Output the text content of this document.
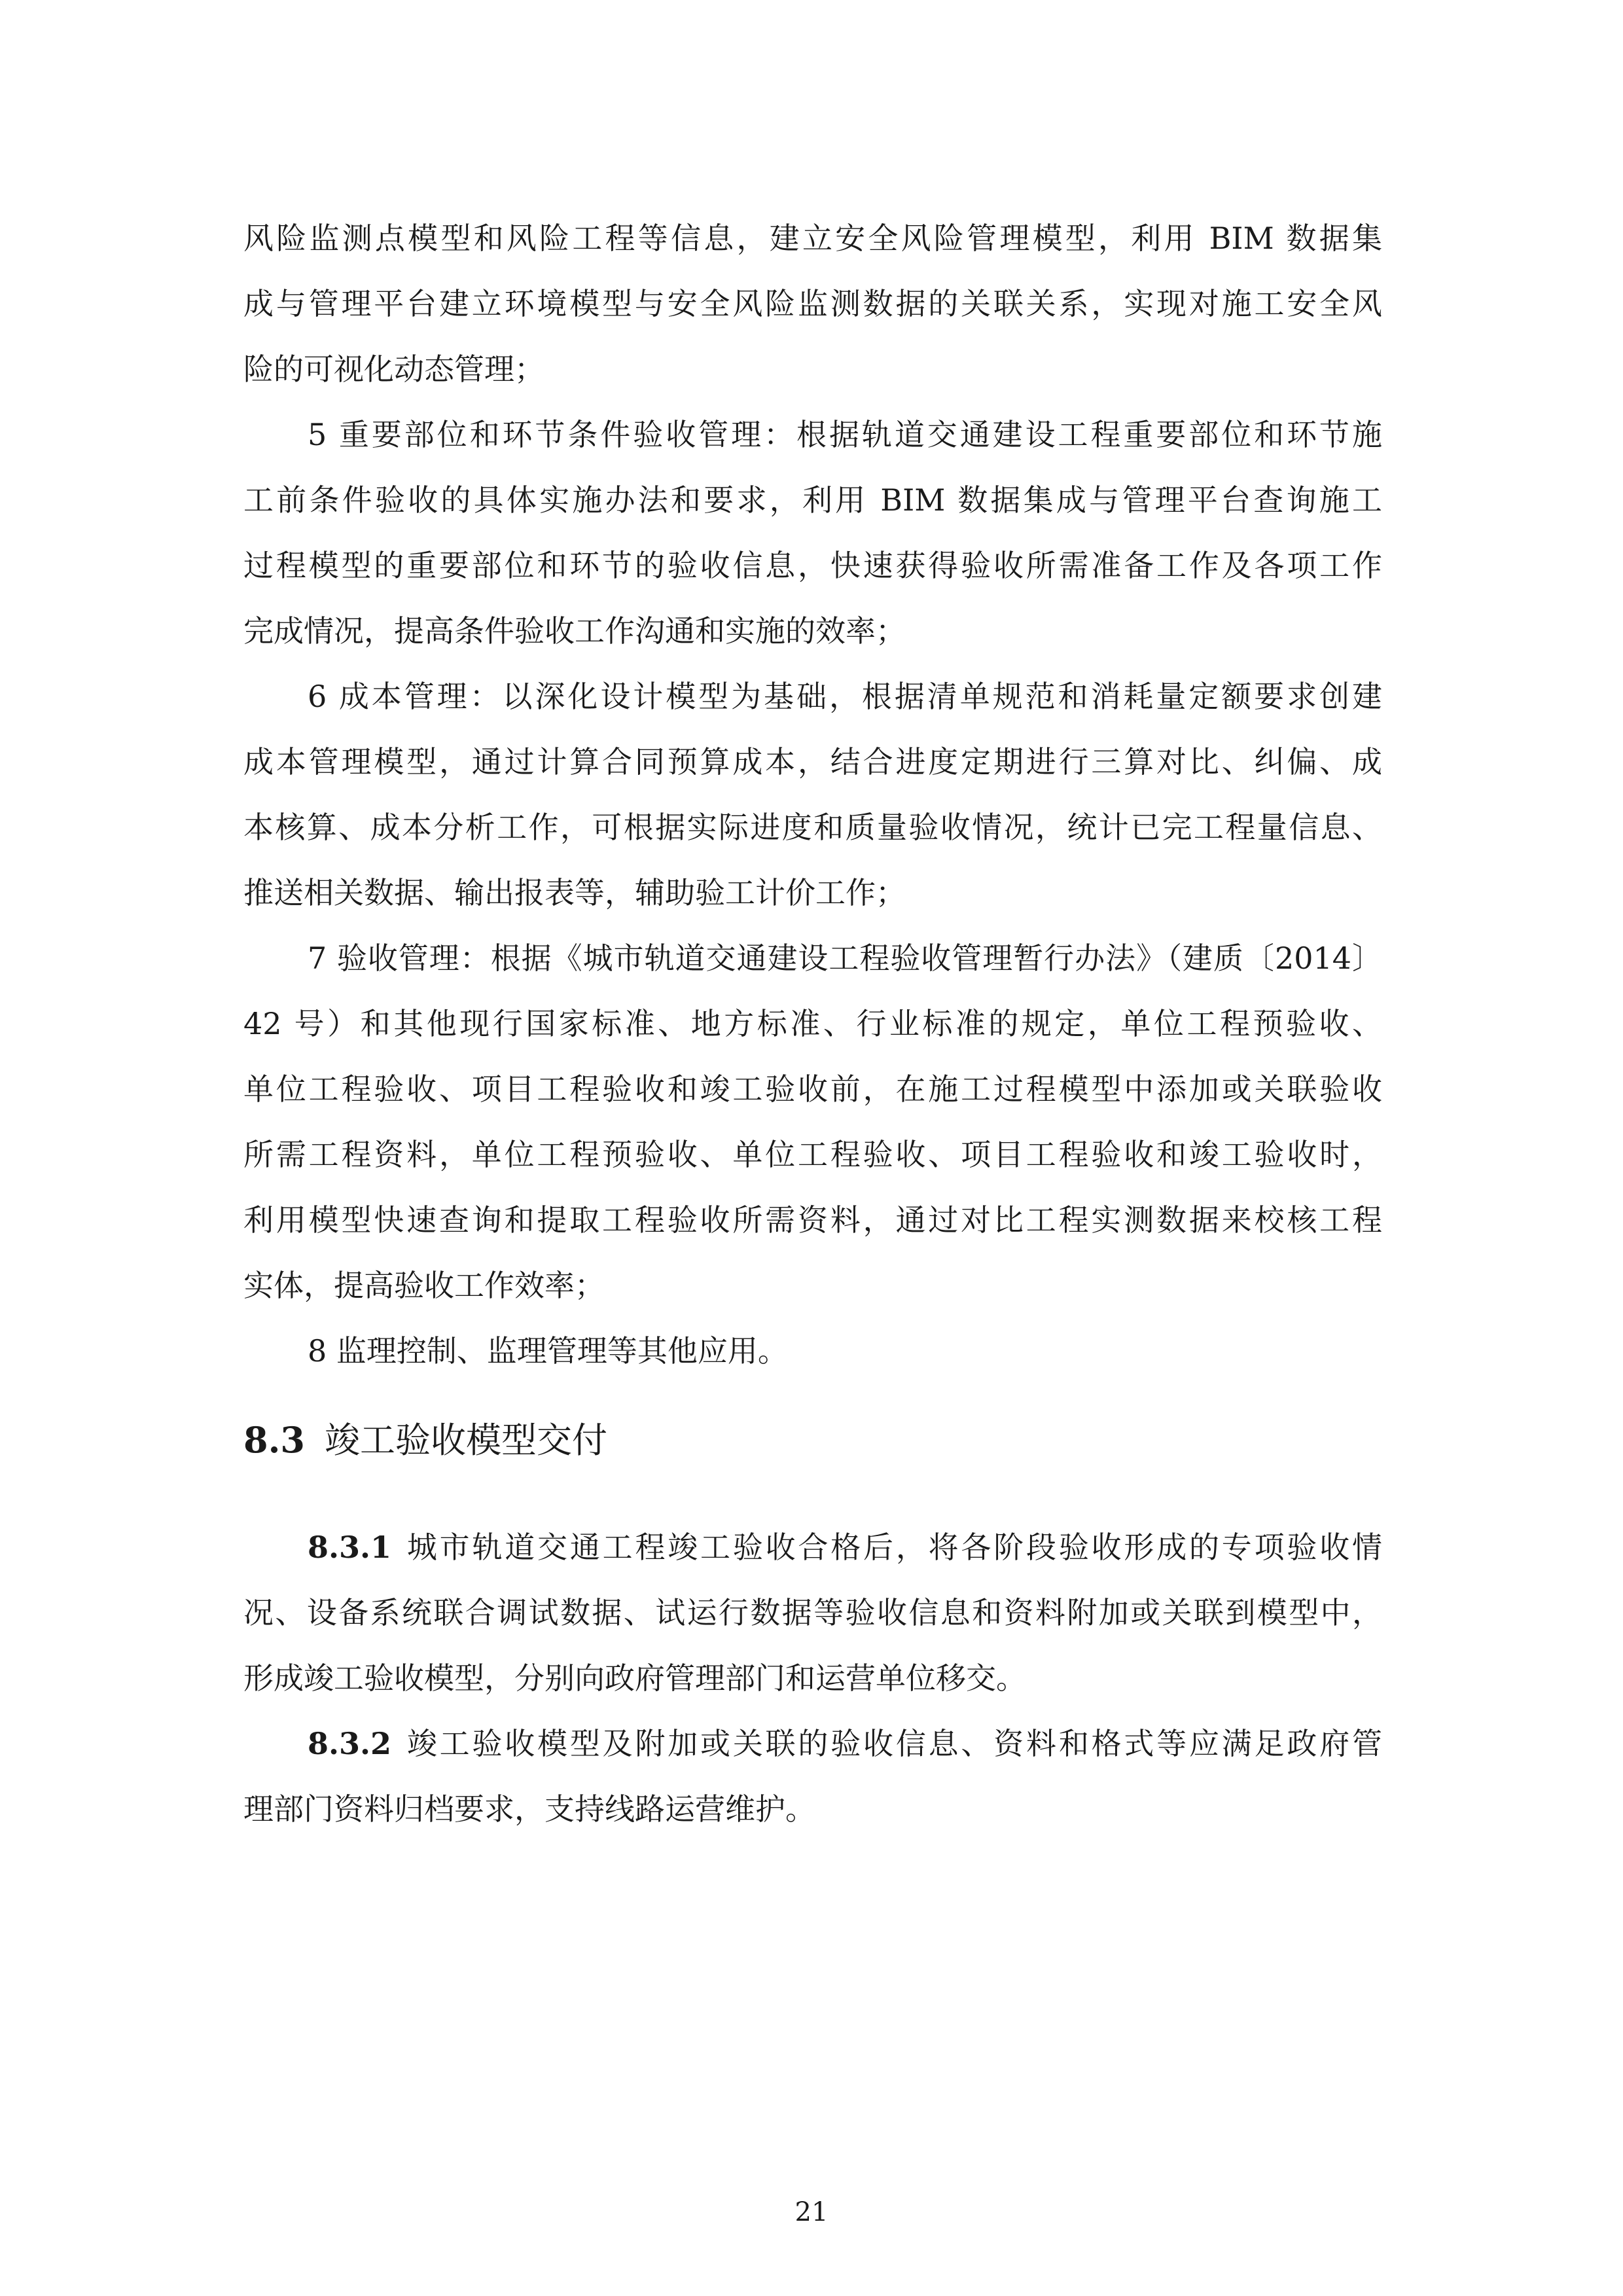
风险监测点模型和风险工程等信息，建立安全风险管理模型，利用 BIM 数据集
成与管理平台建立环境模型与安全风险监测数据的关联关系，实现对施工安全风
险的可视化动态管理；
5 重要部位和环节条件验收管理：根据轨道交通建设工程重要部位和环节施
工前条件验收的具体实施办法和要求，利用 BIM 数据集成与管理平台查询施工
过程模型的重要部位和环节的验收信息，快速获得验收所需准备工作及各项工作
完成情况，提高条件验收工作沟通和实施的效率；
6 成本管理：以深化设计模型为基础，根据清单规范和消耗量定额要求创建
成本管理模型，通过计算合同预算成本，结合进度定期进行三算对比、纠偏、成
本核算、成本分析工作，可根据实际进度和质量验收情况，统计已完工程量信息、
推送相关数据、输出报表等，辅助验工计价工作；
7 验收管理：根据《城市轨道交通建设工程验收管理暂行办法》（建质〔2014〕
42 号）和其他现行国家标准、地方标准、行业标准的规定，单位工程预验收、
单位工程验收、项目工程验收和竣工验收前，在施工过程模型中添加或关联验收
所需工程资料，单位工程预验收、单位工程验收、项目工程验收和竣工验收时，
利用模型快速查询和提取工程验收所需资料，通过对比工程实测数据来校核工程
实体，提高验收工作效率；
8 监理控制、监理管理等其他应用。
8.3 竣工验收模型交付
8.3.1 城市轨道交通工程竣工验收合格后，将各阶段验收形成的专项验收情
况、设备系统联合调试数据、试运行数据等验收信息和资料附加或关联到模型中，
形成竣工验收模型，分别向政府管理部门和运营单位移交。
8.3.2 竣工验收模型及附加或关联的验收信息、资料和格式等应满足政府管
理部门资料归档要求，支持线路运营维护。
21
